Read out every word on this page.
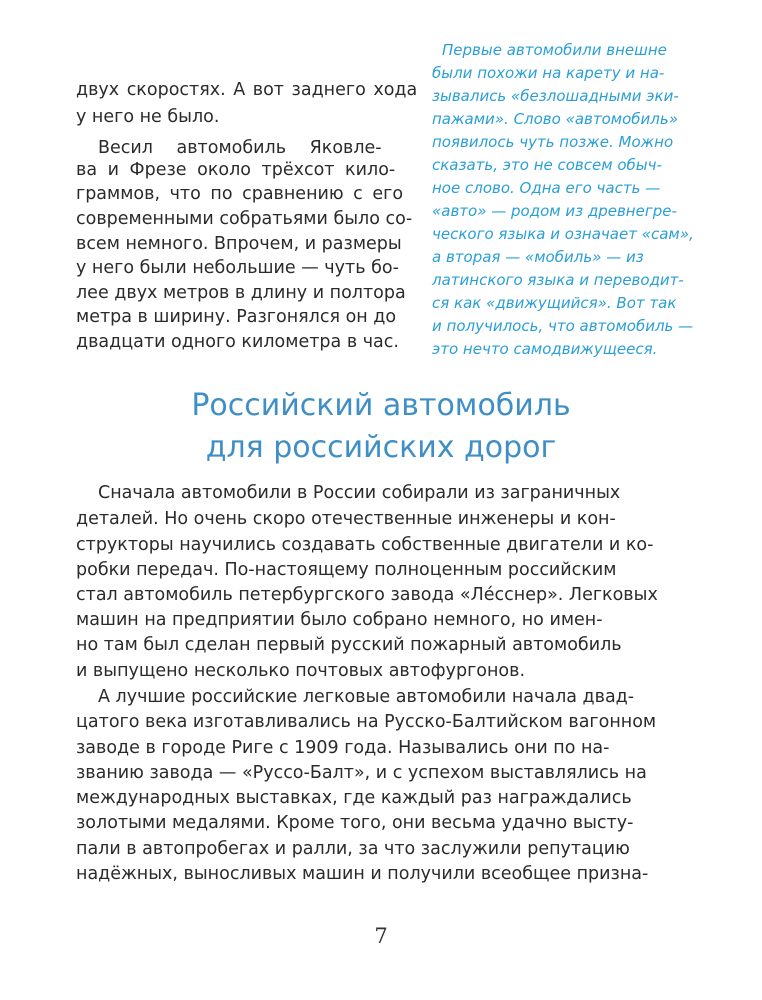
двух скоростях. А вот заднего хода
у него не было.
Весил автомобиль Яковле-
ва и Фрезе около трёхсот кило-
граммов, что по сравнению с его
современными собратьями было со-
всем немного. Впрочем, и размеры
у него были небольшие — чуть бо-
лее двух метров в длину и полтора
метра в ширину. Разгонялся он до
двадцати одного километра в час.
Первые автомобили внешне
были похожи на карету и на-
зывались «безлошадными эки-
пажами». Слово «автомобиль»
появилось чуть позже. Можно
сказать, это не совсем обыч-
ное слово. Одна его часть —
«авто» — родом из древнегре-
ческого языка и означает «сам»,
а вторая — «мобиль» — из
латинского языка и переводит-
ся как «движущийся». Вот так
и получилось, что автомобиль —
это нечто самодвижущееся.
Российский автомобиль
для российских дорог
Сначала автомобили в России собирали из заграничных
деталей. Но очень скоро отечественные инженеры и кон-
структоры научились создавать собственные двигатели и ко-
робки передач. По-настоящему полноценным российским
стал автомобиль петербургского завода «Лéсснер». Легковых
машин на предприятии было собрано немного, но имен-
но там был сделан первый русский пожарный автомобиль
и выпущено несколько почтовых автофургонов.
А лучшие российские легковые автомобили начала двад-
цатого века изготавливались на Русско-Балтийском вагонном
заводе в городе Риге с 1909 года. Назывались они по на-
званию завода — «Руссо-Балт», и с успехом выставлялись на
международных выставках, где каждый раз награждались
золотыми медалями. Кроме того, они весьма удачно высту-
пали в автопробегах и ралли, за что заслужили репутацию
надёжных, выносливых машин и получили всеобщее призна-
7
